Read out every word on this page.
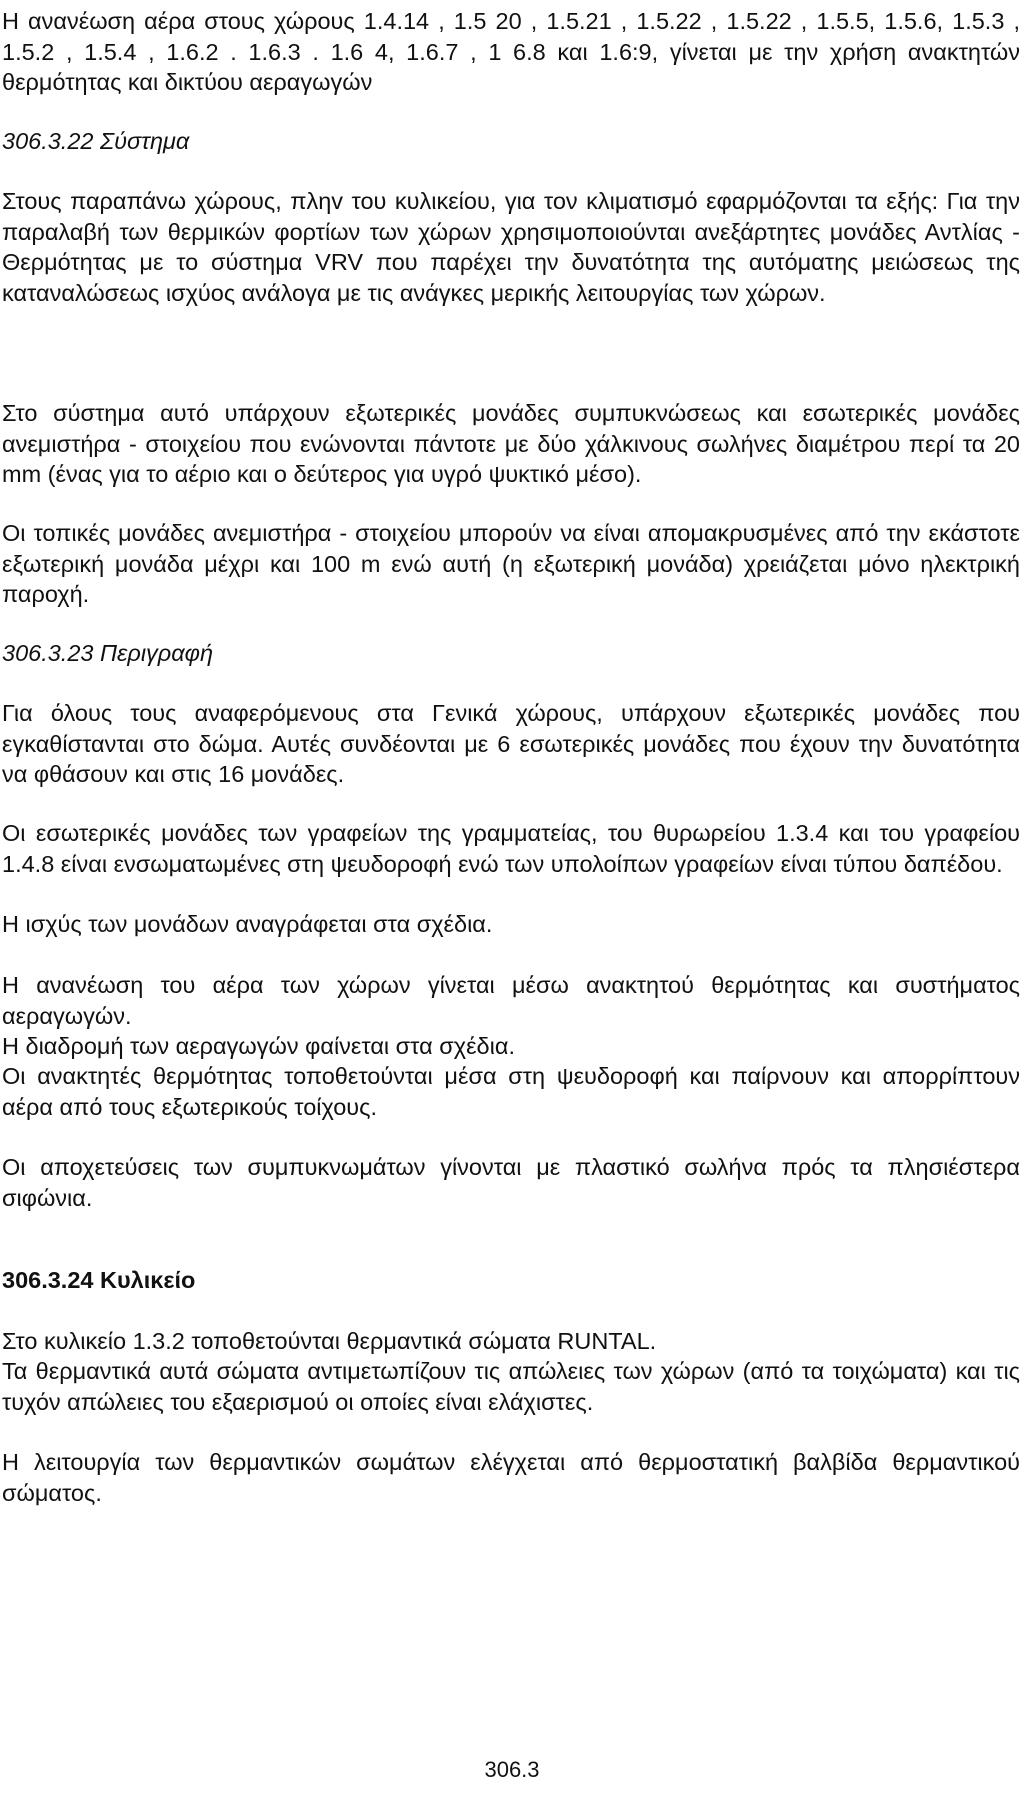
Η ανανέωση αέρα στους χώρους 1.4.14 , 1.5 20 , 1.5.21 , 1.5.22 , 1.5.22 , 1.5.5, 1.5.6, 1.5.3 , 1.5.2 , 1.5.4 , 1.6.2 . 1.6.3 . 1.6 4, 1.6.7 , 1 6.8 και 1.6:9, γίνεται με την χρήση ανακτητών θερμότητας και δικτύου αεραγωγών

306.3.22 Σύστημα

Στους παραπάνω χώρους, πληv του κυλικείου, για τον κλιματισμό εφαρμόζονται τα εξής: Για την παραλαβή των θερμικών φορτίων των χώρων χρησιμοποιούνται ανεξάρτητες μονάδες Αντλίας - Θερμότητας με το σύστημα VRV που παρέχει την δυνατότητα της αυτόματης μειώσεως της καταναλώσεως ισχύος ανάλογα με τις ανάγκες μερικής λειτουργίας των χώρων.

Στο σύστημα αυτό υπάρχουν εξωτερικές μονάδες συμπυκνώσεως και εσωτερικές μονάδες ανεμιστήρα - στοιχείου που ενώνονται πάντοτε με δύο χάλκινους σωλήνες διαμέτρου περί τα 20 mm (ένας για το αέριο και ο δεύτερος για υγρό ψυκτικό μέσο).

Οι τοπικές μονάδες ανεμιστήρα - στοιχείου μπορούν να είναι απομακρυσμένες από την εκάστοτε εξωτερική μονάδα μέχρι και 100 m ενώ αυτή (η εξωτερική μονάδα) χρειάζεται μόνο ηλεκτρική παροχή.

306.3.23 Περιγραφή

Για όλους τους αναφερόμενους στα Γενικά χώρους, υπάρχουν εξωτερικές μονάδες που εγκαθίστανται στο δώμα. Αυτές συνδέονται με 6 εσωτερικές μονάδες που έχουν την δυνατότητα να φθάσουν και στις 16 μονάδες.

Οι εσωτερικές μονάδες των γραφείων της γραμματείας, του θυρωρείου 1.3.4 και του γραφείου 1.4.8 είναι ενσωματωμένες στη ψευδοροφή ενώ των υπολοίπων γραφείων είναι τύπου δαπέδου.

Η ισχύς των μονάδων αναγράφεται στα σχέδια.

Η ανανέωση του αέρα των χώρων γίνεται μέσω ανακτητού θερμότητας και συστήματος αεραγωγών.

Η διαδρομή των αεραγωγών φαίνεται στα σχέδια.

Οι ανακτητές θερμότητας τοποθετούνται μέσα στη ψευδοροφή και παίρνουν και απορρίπτουν αέρα από τους εξωτερικούς τοίχους.

Οι αποχετεύσεις των συμπυκνωμάτων γίνονται με πλαστικό σωλήνα πρός τα πλησιέστερα σιφώνια.

306.3.24 Κυλικείο

Στο κυλικείο 1.3.2 τοποθετούνται θερμαντικά σώματα RUNTAL.

Τα θερμαντικά αυτά σώματα αντιμετωπίζουν τις απώλειες των χώρων (από τα τοιχώματα) και τις τυχόν απώλειες του εξαερισμού οι οποίες είναι ελάχιστες.

Η λειτουργία των θερμαντικών σωμάτων ελέγχεται από θερμοστατική βαλβίδα θερμαντικού σώματος.

306.3
